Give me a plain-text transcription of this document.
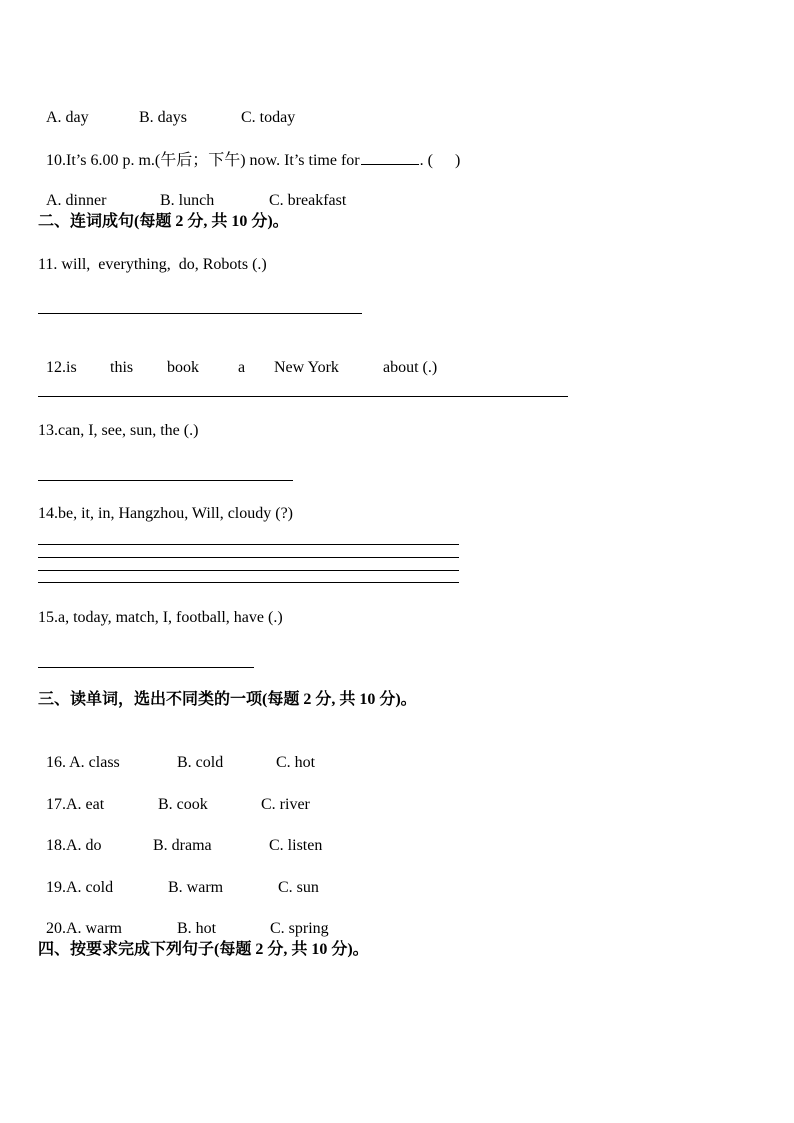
A. day	B. days	C. today

10.It’s 6.00 p. m.(午后；下午) now. It’s time for	. ( )

A. dinner	B. lunch	C. breakfast

二、连词成句(每题 2 分, 共 10 分)。
11. will,  everything,  do, Robots (.)

12.is this book a New York	about (.)

13.can, I, see, sun, the (.)
14.be, it, in, Hangzhou, Will, cloudy (?)
15.a, today, match, I, football, have (.)
三、读单词，选出不同类的一项(每题 2 分, 共 10 分)。

16. A. class	B. cold	C. hot

17.A. eat	B. cook	C. river

18.A. do	B. drama	C. listen

19.A. cold	B. warm	C. sun

20.A. warm	B. hot	C. spring

四、按要求完成下列句子(每题 2 分, 共 10 分)。
